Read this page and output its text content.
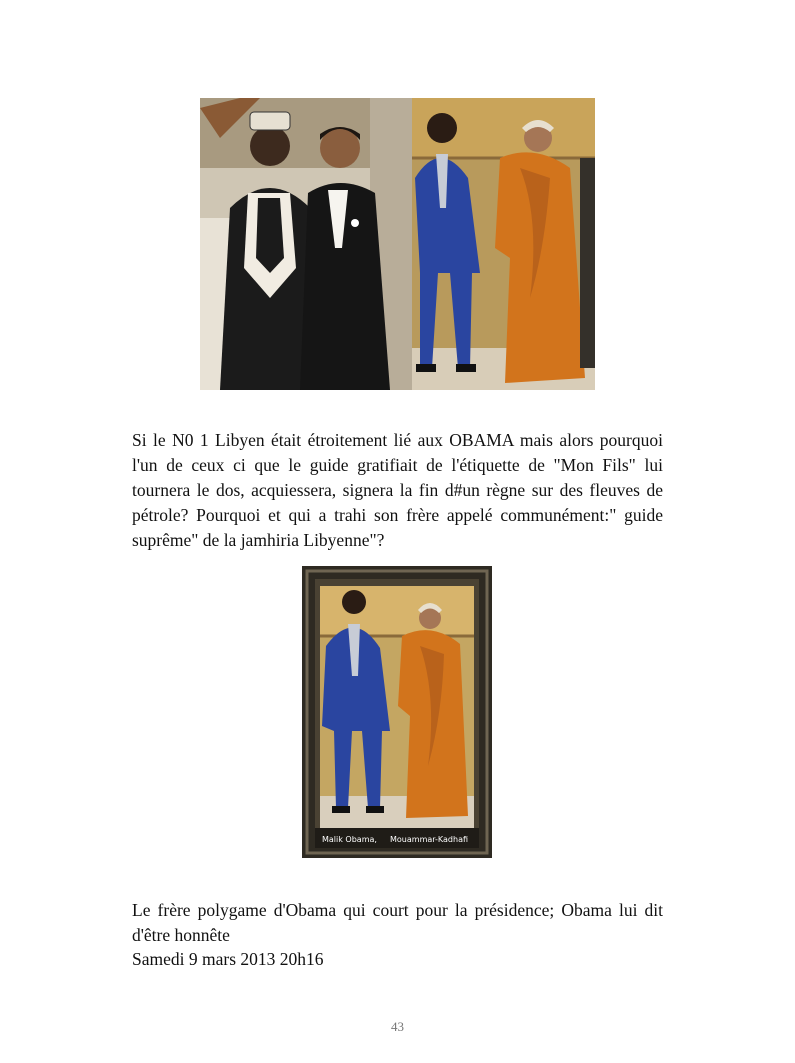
Si le N0 1 Libyen était étroitement lié aux OBAMA mais alors pourquoi l'un de ceux ci que le guide gratifiait de l'étiquette de "Mon Fils" lui tournera le dos, acquiessera, signera la fin d#un règne sur des fleuves de pétrole? Pourquoi et qui a trahi son frère appelé communément:" guide suprême" de la jamhiria Libyenne"?

Malik Obama, Mouammar-Kadhafi

Le frère polygame d'Obama qui court pour la présidence; Obama lui dit d'être honnête

Samedi 9 mars 2013 20h16

43
